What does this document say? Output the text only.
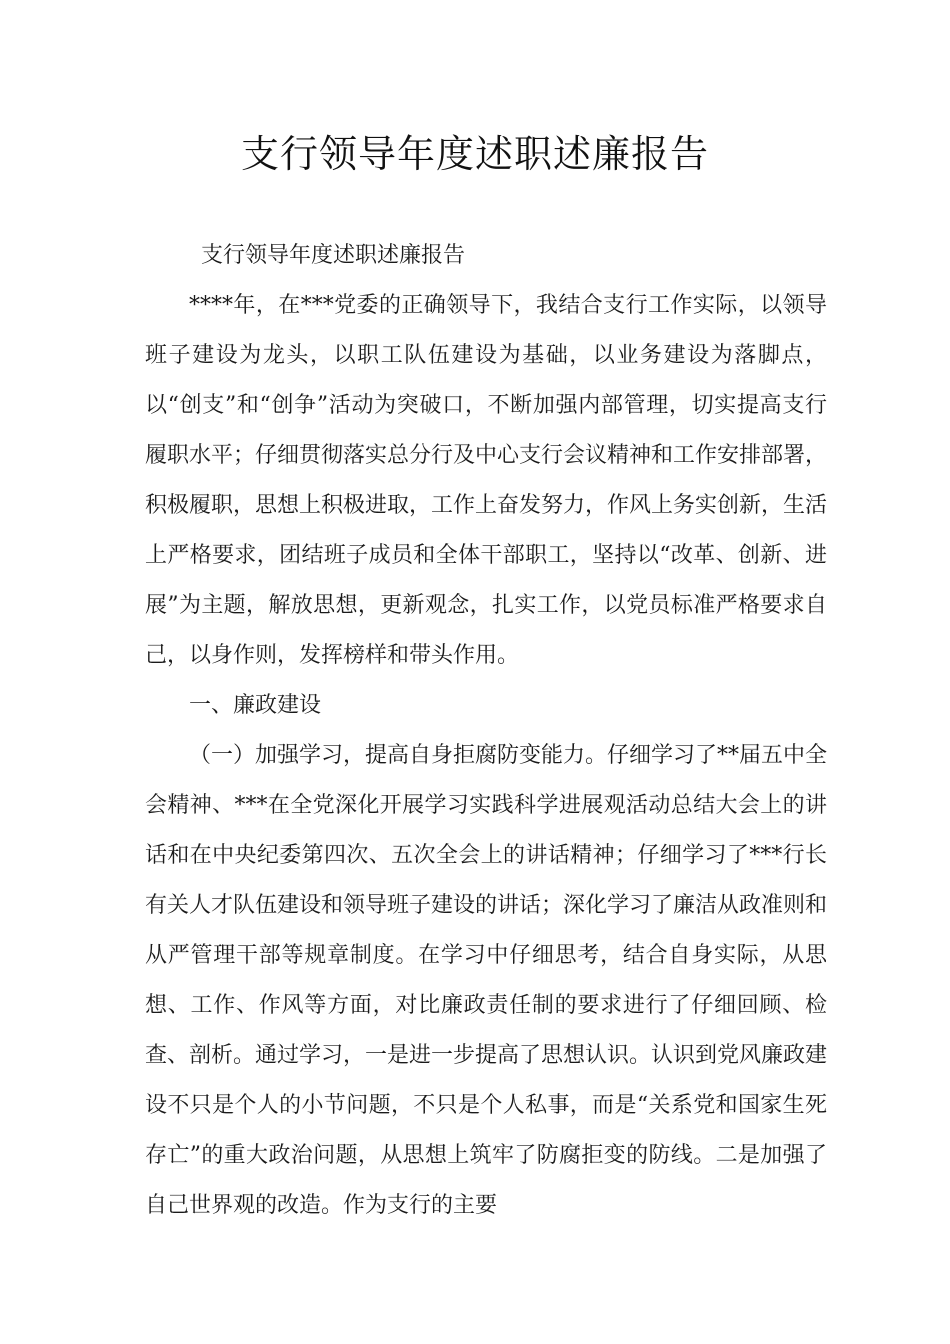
支行领导年度述职述廉报告

支行领导年度述职述廉报告

****年，在***党委的正确领导下，我结合支行工作实际，以领导班子建设为龙头，以职工队伍建设为基础，以业务建设为落脚点，以“创支”和“创争”活动为突破口，不断加强内部管理，切实提高支行履职水平；仔细贯彻落实总分行及中心支行会议精神和工作安排部署，积极履职，思想上积极进取，工作上奋发努力，作风上务实创新，生活上严格要求，团结班子成员和全体干部职工，坚持以“改革、创新、进展”为主题，解放思想，更新观念，扎实工作，以党员标准严格要求自己，以身作则，发挥榜样和带头作用。

一、廉政建设

（一）加强学习，提高自身拒腐防变能力。仔细学习了**届五中全会精神、***在全党深化开展学习实践科学进展观活动总结大会上的讲话和在中央纪委第四次、五次全会上的讲话精神；仔细学习了***行长有关人才队伍建设和领导班子建设的讲话；深化学习了廉洁从政准则和从严管理干部等规章制度。在学习中仔细思考，结合自身实际，从思想、工作、作风等方面，对比廉政责任制的要求进行了仔细回顾、检查、剖析。通过学习，一是进一步提高了思想认识。认识到党风廉政建设不只是个人的小节问题，不只是个人私事，而是“关系党和国家生死存亡”的重大政治问题，从思想上筑牢了防腐拒变的防线。二是加强了自己世界观的改造。作为支行的主要
